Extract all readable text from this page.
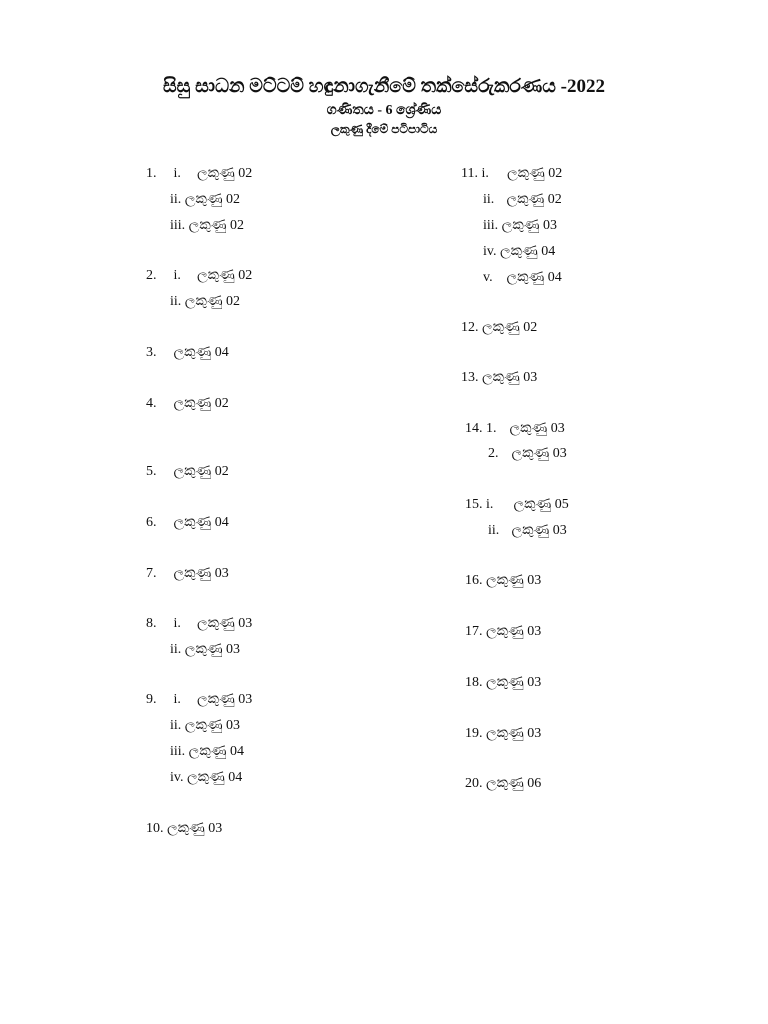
සිසු සාධන මට්ටම් හඳුනාගැනීමේ තක්සේරුකරණය -2022
ගණිතය - 6 ශ්‍රේණිය
ලකුණු දීමේ පටිපාටිය
1. i. ලකුණු 02
ii. ලකුණු 02
iii. ලකුණු 02
2. i. ලකුණු 02
ii. ලකුණු 02
3. ලකුණු 04
4. ලකුණු 02
5. ලකුණු 02
6. ලකුණු 04
7. ලකුණු 03
8. i. ලකුණු 03
ii. ලකුණු 03
9. i. ලකුණු 03
ii. ලකුණු 03
iii. ලකුණු 04
iv. ලකුණු 04
10. ලකුණු 03
11. i. ලකුණු 02
ii. ලකුණු 02
iii. ලකුණු 03
iv. ලකුණු 04
v. ලකුණු 04
12. ලකුණු 02
13. ලකුණු 03
14. 1. ලකුණු 03
2. ලකුණු 03
15. i. ලකුණු 05
ii. ලකුණු 03
16. ලකුණු 03
17. ලකුණු 03
18. ලකුණු 03
19. ලකුණු 03
20. ලකුණු 06
